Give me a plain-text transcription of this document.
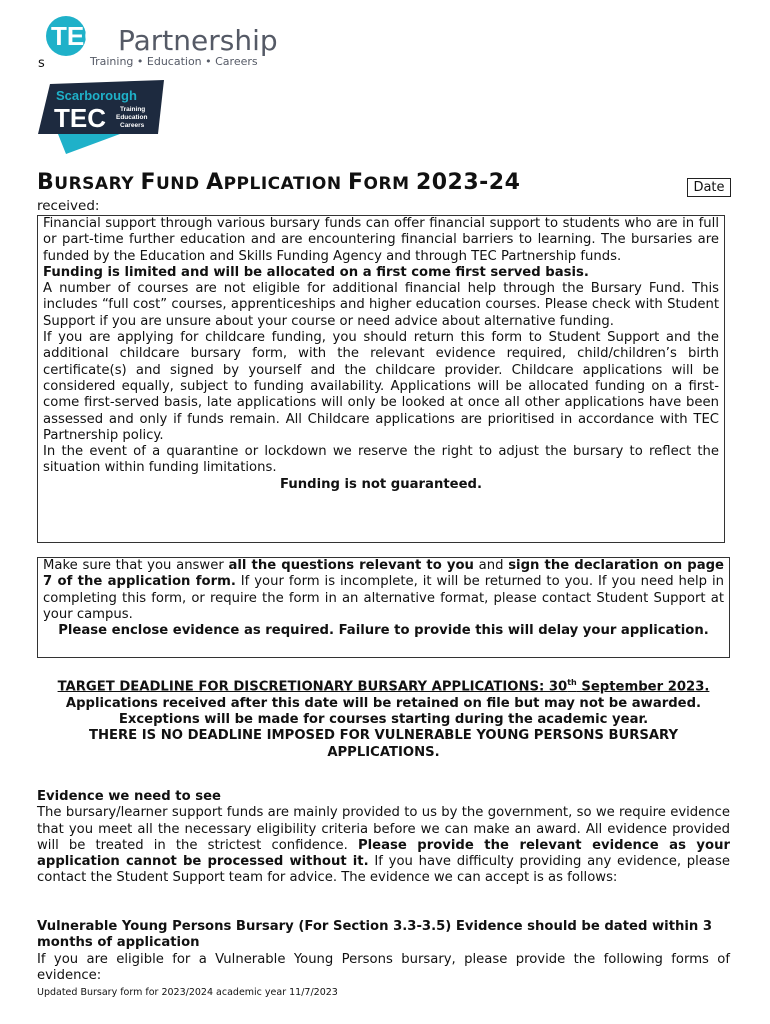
TEC Partnership
Training • Education • Careers
s
Scarborough
TEC Training
Education
Careers
BURSARY FUND APPLICATION FORM 2023-24	Date
received:

Financial support through various bursary funds can offer financial support to students who are in full or part-time further education and are encountering financial barriers to learning. The bursaries are funded by the Education and Skills Funding Agency and through TEC Partnership funds.

Funding is limited and will be allocated on a first come first served basis.

A number of courses are not eligible for additional financial help through the Bursary Fund. This includes “full cost” courses, apprenticeships and higher education courses. Please check with Student Support if you are unsure about your course or need advice about alternative funding.

If you are applying for childcare funding, you should return this form to Student Support and the additional childcare bursary form, with the relevant evidence required, child/children’s birth certificate(s) and signed by yourself and the childcare provider. Childcare applications will be considered equally, subject to funding availability. Applications will be allocated funding on a first-come first-served basis, late applications will only be looked at once all other applications have been assessed and only if funds remain. All Childcare applications are prioritised in accordance with TEC Partnership policy.

In the event of a quarantine or lockdown we reserve the right to adjust the bursary to reflect the situation within funding limitations.

Funding is not guaranteed.

Make sure that you answer all the questions relevant to you and sign the declaration on page 7 of the application form. If your form is incomplete, it will be returned to you. If you need help in completing this form, or require the form in an alternative format, please contact Student Support at your campus.

Please enclose evidence as required. Failure to provide this will delay your application.

TARGET DEADLINE FOR DISCRETIONARY BURSARY APPLICATIONS: 30th September 2023.
Applications received after this date will be retained on file but may not be awarded. Exceptions will be made for courses starting during the academic year.
THERE IS NO DEADLINE IMPOSED FOR VULNERABLE YOUNG PERSONS BURSARY APPLICATIONS.

Evidence we need to see

The bursary/learner support funds are mainly provided to us by the government, so we require evidence that you meet all the necessary eligibility criteria before we can make an award. All evidence provided will be treated in the strictest confidence. Please provide the relevant evidence as your application cannot be processed without it. If you have difficulty providing any evidence, please contact the Student Support team for advice. The evidence we can accept is as follows:

Vulnerable Young Persons Bursary (For Section 3.3-3.5) Evidence should be dated within 3 months of application

If you are eligible for a Vulnerable Young Persons bursary, please provide the following forms of evidence:

Updated Bursary form for 2023/2024 academic year 11/7/2023
